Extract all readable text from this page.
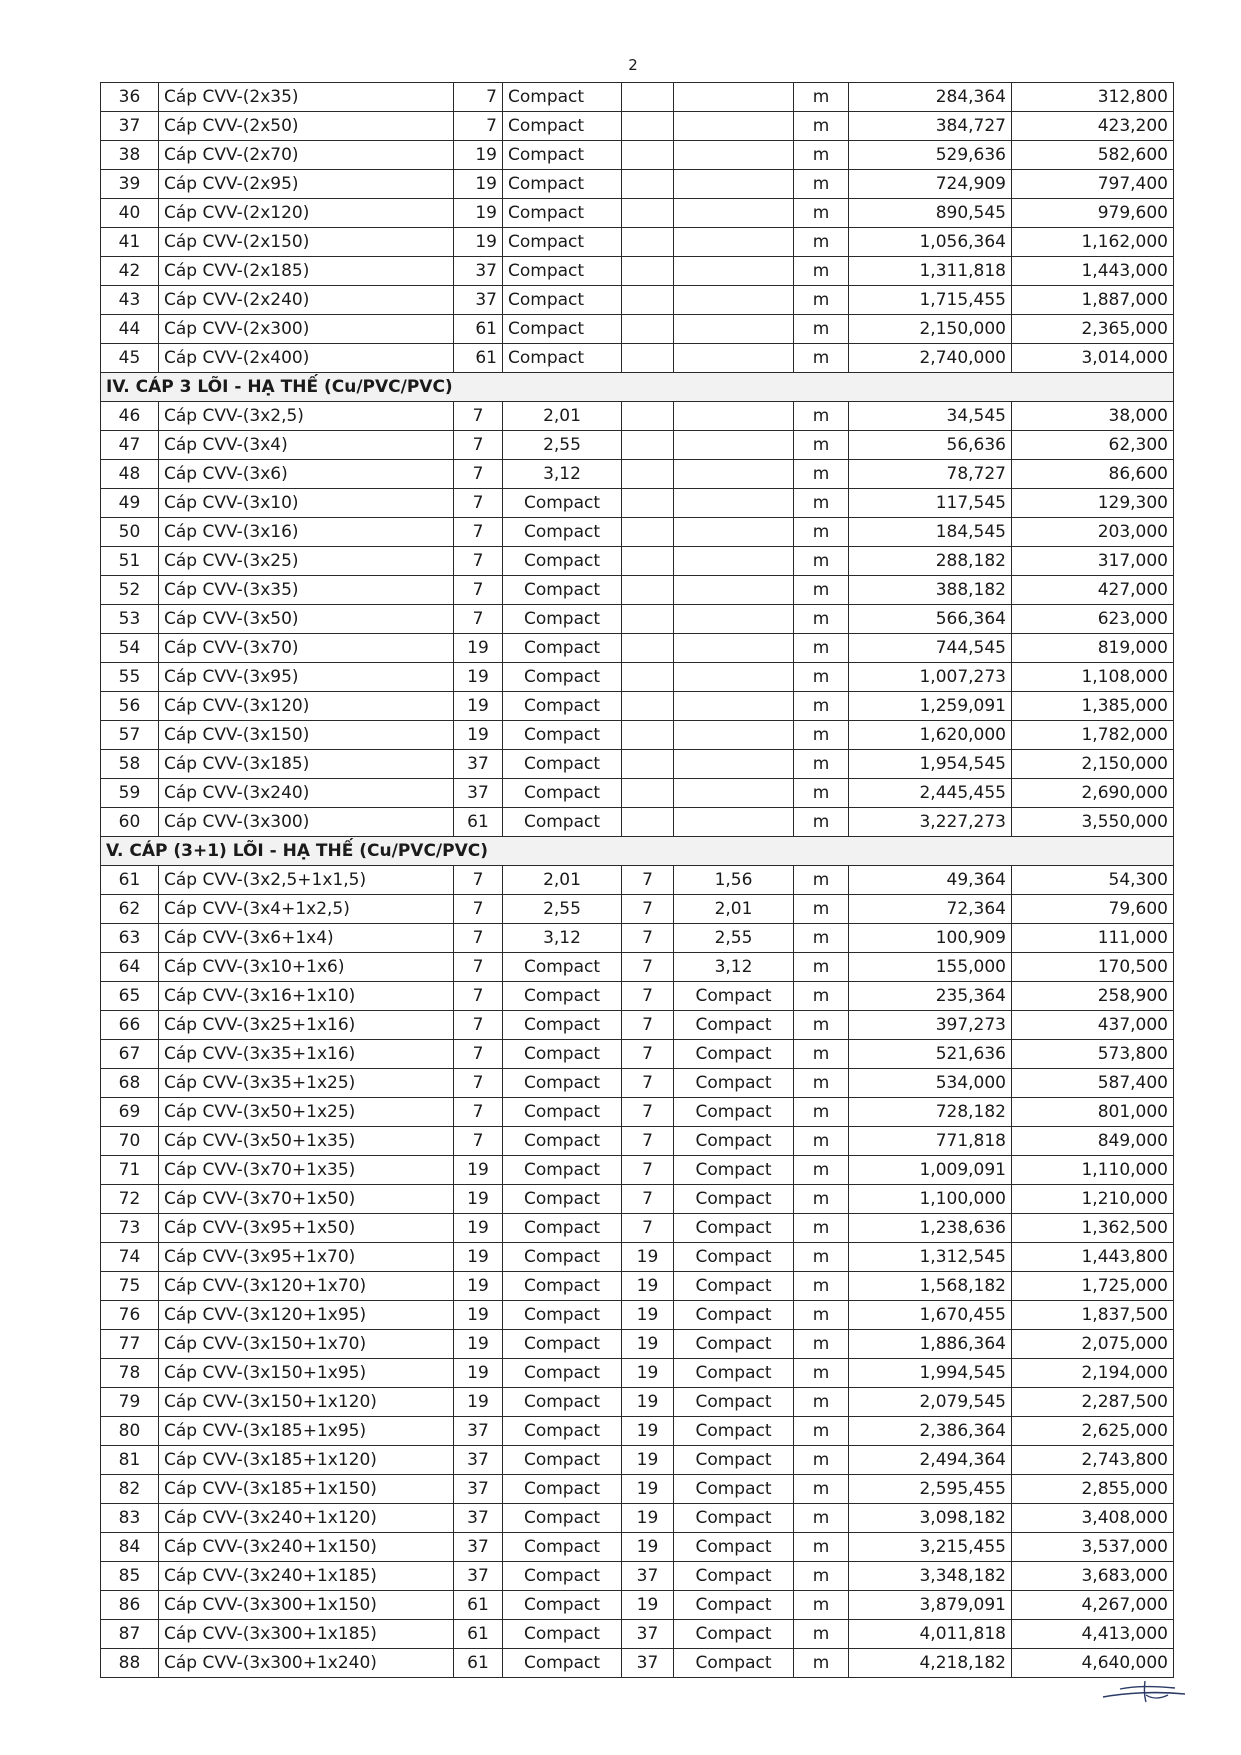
2
36	Cáp CVV-(2x35)	7	Compact			m	284,364	312,800
37	Cáp CVV-(2x50)	7	Compact			m	384,727	423,200
38	Cáp CVV-(2x70)	19	Compact			m	529,636	582,600
39	Cáp CVV-(2x95)	19	Compact			m	724,909	797,400
40	Cáp CVV-(2x120)	19	Compact			m	890,545	979,600
41	Cáp CVV-(2x150)	19	Compact			m	1,056,364	1,162,000
42	Cáp CVV-(2x185)	37	Compact			m	1,311,818	1,443,000
43	Cáp CVV-(2x240)	37	Compact			m	1,715,455	1,887,000
44	Cáp CVV-(2x300)	61	Compact			m	2,150,000	2,365,000
45	Cáp CVV-(2x400)	61	Compact			m	2,740,000	3,014,000
IV. CÁP 3 LÕI - HẠ THẾ (Cu/PVC/PVC)								
46	Cáp CVV-(3x2,5)	7	2,01			m	34,545	38,000
47	Cáp CVV-(3x4)	7	2,55			m	56,636	62,300
48	Cáp CVV-(3x6)	7	3,12			m	78,727	86,600
49	Cáp CVV-(3x10)	7	Compact			m	117,545	129,300
50	Cáp CVV-(3x16)	7	Compact			m	184,545	203,000
51	Cáp CVV-(3x25)	7	Compact			m	288,182	317,000
52	Cáp CVV-(3x35)	7	Compact			m	388,182	427,000
53	Cáp CVV-(3x50)	7	Compact			m	566,364	623,000
54	Cáp CVV-(3x70)	19	Compact			m	744,545	819,000
55	Cáp CVV-(3x95)	19	Compact			m	1,007,273	1,108,000
56	Cáp CVV-(3x120)	19	Compact			m	1,259,091	1,385,000
57	Cáp CVV-(3x150)	19	Compact			m	1,620,000	1,782,000
58	Cáp CVV-(3x185)	37	Compact			m	1,954,545	2,150,000
59	Cáp CVV-(3x240)	37	Compact			m	2,445,455	2,690,000
60	Cáp CVV-(3x300)	61	Compact			m	3,227,273	3,550,000
V. CÁP (3+1) LÕI - HẠ THẾ (Cu/PVC/PVC)								
61	Cáp CVV-(3x2,5+1x1,5)	7	2,01	7	1,56	m	49,364	54,300
62	Cáp CVV-(3x4+1x2,5)	7	2,55	7	2,01	m	72,364	79,600
63	Cáp CVV-(3x6+1x4)	7	3,12	7	2,55	m	100,909	111,000
64	Cáp CVV-(3x10+1x6)	7	Compact	7	3,12	m	155,000	170,500
65	Cáp CVV-(3x16+1x10)	7	Compact	7	Compact	m	235,364	258,900
66	Cáp CVV-(3x25+1x16)	7	Compact	7	Compact	m	397,273	437,000
67	Cáp CVV-(3x35+1x16)	7	Compact	7	Compact	m	521,636	573,800
68	Cáp CVV-(3x35+1x25)	7	Compact	7	Compact	m	534,000	587,400
69	Cáp CVV-(3x50+1x25)	7	Compact	7	Compact	m	728,182	801,000
70	Cáp CVV-(3x50+1x35)	7	Compact	7	Compact	m	771,818	849,000
71	Cáp CVV-(3x70+1x35)	19	Compact	7	Compact	m	1,009,091	1,110,000
72	Cáp CVV-(3x70+1x50)	19	Compact	7	Compact	m	1,100,000	1,210,000
73	Cáp CVV-(3x95+1x50)	19	Compact	7	Compact	m	1,238,636	1,362,500
74	Cáp CVV-(3x95+1x70)	19	Compact	19	Compact	m	1,312,545	1,443,800
75	Cáp CVV-(3x120+1x70)	19	Compact	19	Compact	m	1,568,182	1,725,000
76	Cáp CVV-(3x120+1x95)	19	Compact	19	Compact	m	1,670,455	1,837,500
77	Cáp CVV-(3x150+1x70)	19	Compact	19	Compact	m	1,886,364	2,075,000
78	Cáp CVV-(3x150+1x95)	19	Compact	19	Compact	m	1,994,545	2,194,000
79	Cáp CVV-(3x150+1x120)	19	Compact	19	Compact	m	2,079,545	2,287,500
80	Cáp CVV-(3x185+1x95)	37	Compact	19	Compact	m	2,386,364	2,625,000
81	Cáp CVV-(3x185+1x120)	37	Compact	19	Compact	m	2,494,364	2,743,800
82	Cáp CVV-(3x185+1x150)	37	Compact	19	Compact	m	2,595,455	2,855,000
83	Cáp CVV-(3x240+1x120)	37	Compact	19	Compact	m	3,098,182	3,408,000
84	Cáp CVV-(3x240+1x150)	37	Compact	19	Compact	m	3,215,455	3,537,000
85	Cáp CVV-(3x240+1x185)	37	Compact	37	Compact	m	3,348,182	3,683,000
86	Cáp CVV-(3x300+1x150)	61	Compact	19	Compact	m	3,879,091	4,267,000
87	Cáp CVV-(3x300+1x185)	61	Compact	37	Compact	m	4,011,818	4,413,000
88	Cáp CVV-(3x300+1x240)	61	Compact	37	Compact	m	4,218,182	4,640,000
